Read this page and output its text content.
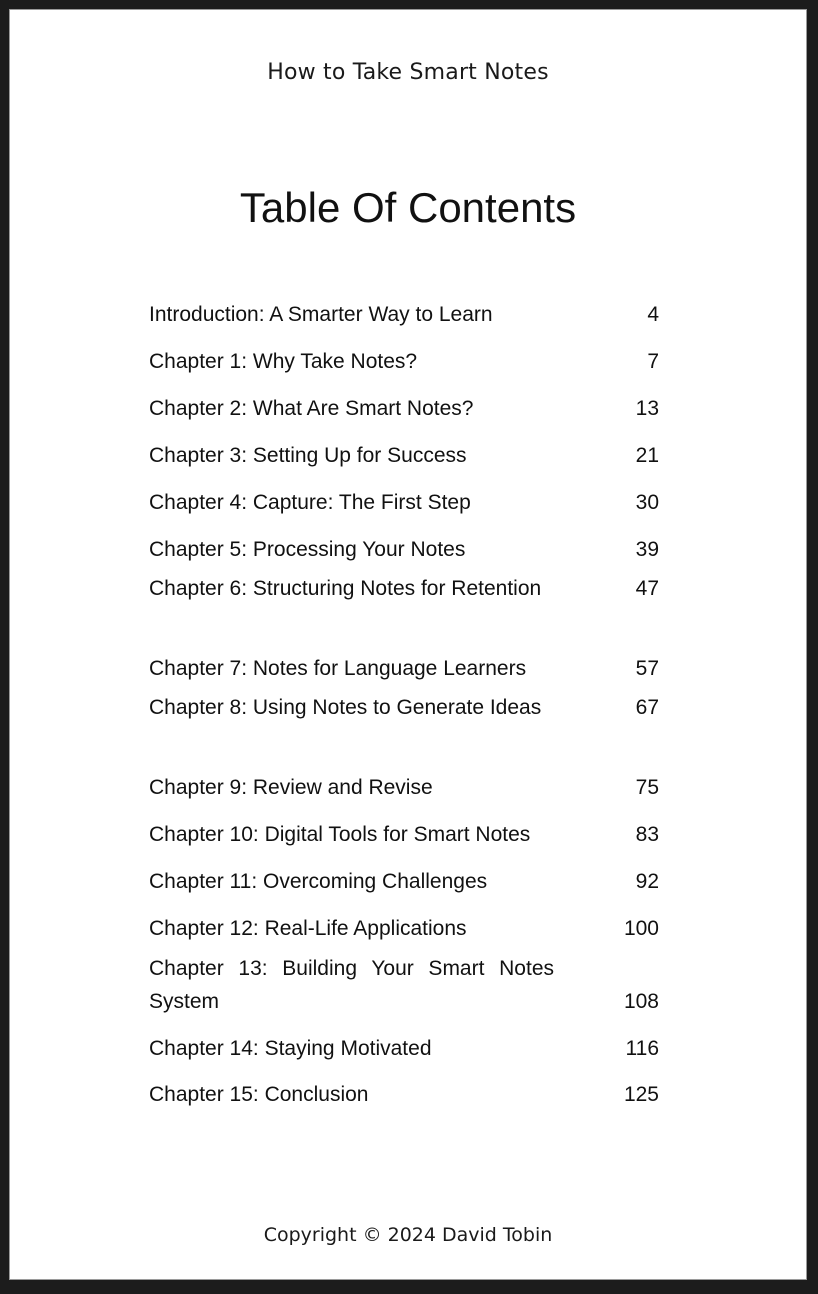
How to Take Smart Notes
Table Of Contents
Introduction: A Smarter Way to Learn	4
Chapter 1: Why Take Notes?	7
Chapter 2: What Are Smart Notes?	13
Chapter 3: Setting Up for Success	21
Chapter 4: Capture: The First Step	30
Chapter 5: Processing Your Notes	39
Chapter 6: Structuring Notes for Retention	47
Chapter 7: Notes for Language Learners	57
Chapter 8: Using Notes to Generate Ideas	67
Chapter 9: Review and Revise	75
Chapter 10: Digital Tools for Smart Notes	83
Chapter 11: Overcoming Challenges	92
Chapter 12: Real-Life Applications	100
Chapter 13: Building Your Smart Notes System	108
Chapter 14: Staying Motivated	116
Chapter 15: Conclusion	125
Copyright © 2024 David Tobin
